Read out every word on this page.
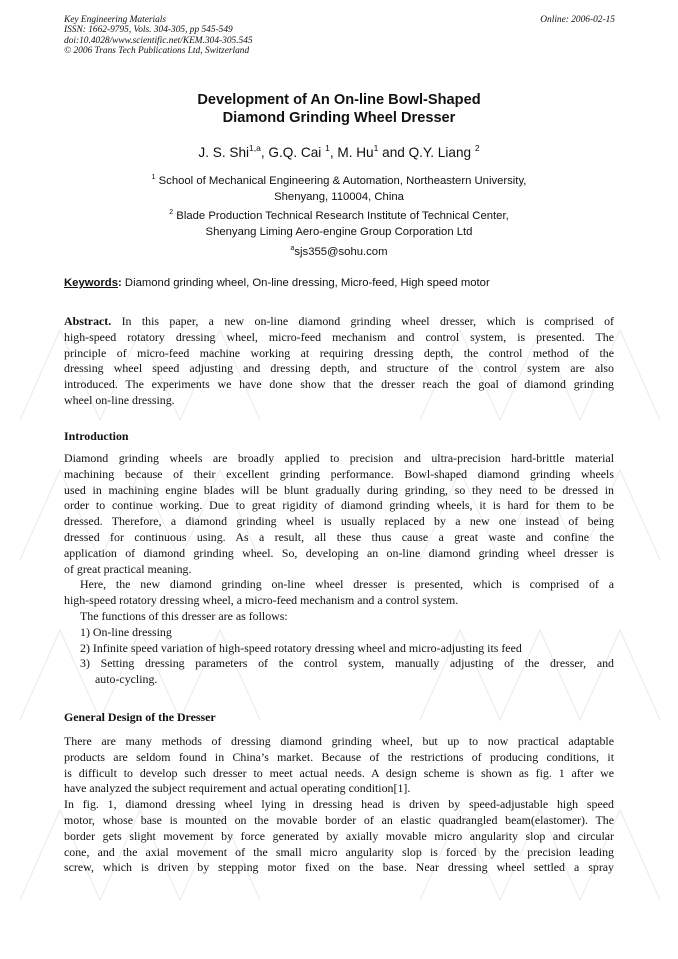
Key Engineering Materials
ISSN: 1662-9795, Vols. 304-305, pp 545-549
doi:10.4028/www.scientific.net/KEM.304-305.545
© 2006 Trans Tech Publications Ltd, Switzerland
Online: 2006-02-15
Development of An On-line Bowl-Shaped
Diamond Grinding Wheel Dresser
J. S. Shi$^{1,a}$, G.Q. Cai $^1$, M. Hu$^1$ and Q.Y. Liang $^2$
$^1$ School of Mechanical Engineering & Automation, Northeastern University,
Shenyang, 110004, China
$^2$ Blade Production Technical Research Institute of Technical Center,
Shenyang Liming Aero-engine Group Corporation Ltd
$^a$sjs355@sohu.com
Keywords: Diamond grinding wheel, On-line dressing, Micro-feed, High speed motor
Abstract. In this paper, a new on-line diamond grinding wheel dresser, which is comprised of
high-speed rotatory dressing wheel, micro-feed mechanism and control system, is presented. The
principle of micro-feed machine working at requiring dressing depth, the control method of the
dressing wheel speed adjusting and dressing depth, and structure of the control system are also
introduced. The experiments we have done show that the dresser reach the goal of diamond grinding
wheel on-line dressing.
Introduction
Diamond grinding wheels are broadly applied to precision and ultra-precision hard-brittle material
machining because of their excellent grinding performance. Bowl-shaped diamond grinding wheels
used in machining engine blades will be blunt gradually during grinding, so they need to be dressed in
order to continue working. Due to great rigidity of diamond grinding wheels, it is hard for them to be
dressed. Therefore, a diamond grinding wheel is usually replaced by a new one instead of being
dressed for continuous using. As a result, all these thus cause a great waste and confine the
application of diamond grinding wheel. So, developing an on-line diamond grinding wheel dresser is
of great practical meaning.
Here, the new diamond grinding on-line wheel dresser is presented, which is comprised of a
high-speed rotatory dressing wheel, a micro-feed mechanism and a control system.
The functions of this dresser are as follows:
1) On-line dressing
2) Infinite speed variation of high-speed rotatory dressing wheel and micro-adjusting its feed
3) Setting dressing parameters of the control system, manually adjusting of the dresser, and
auto-cycling.
General Design of the Dresser
There are many methods of dressing diamond grinding wheel, but up to now practical adaptable
products are seldom found in China’s market. Because of the restrictions of producing conditions, it
is difficult to develop such dresser to meet actual needs. A design scheme is shown as fig. 1 after we
have analyzed the subject requirement and actual operating condition[1].
In fig. 1, diamond dressing wheel lying in dressing head is driven by speed-adjustable high speed
motor, whose base is mounted on the movable border of an elastic quadrangled beam(elastomer). The
border gets slight movement by force generated by axially movable micro angularity slop and circular
cone, and the axial movement of the small micro angularity slop is forced by the precision leading
screw, which is driven by stepping motor fixed on the base. Near dressing wheel settled a spray
